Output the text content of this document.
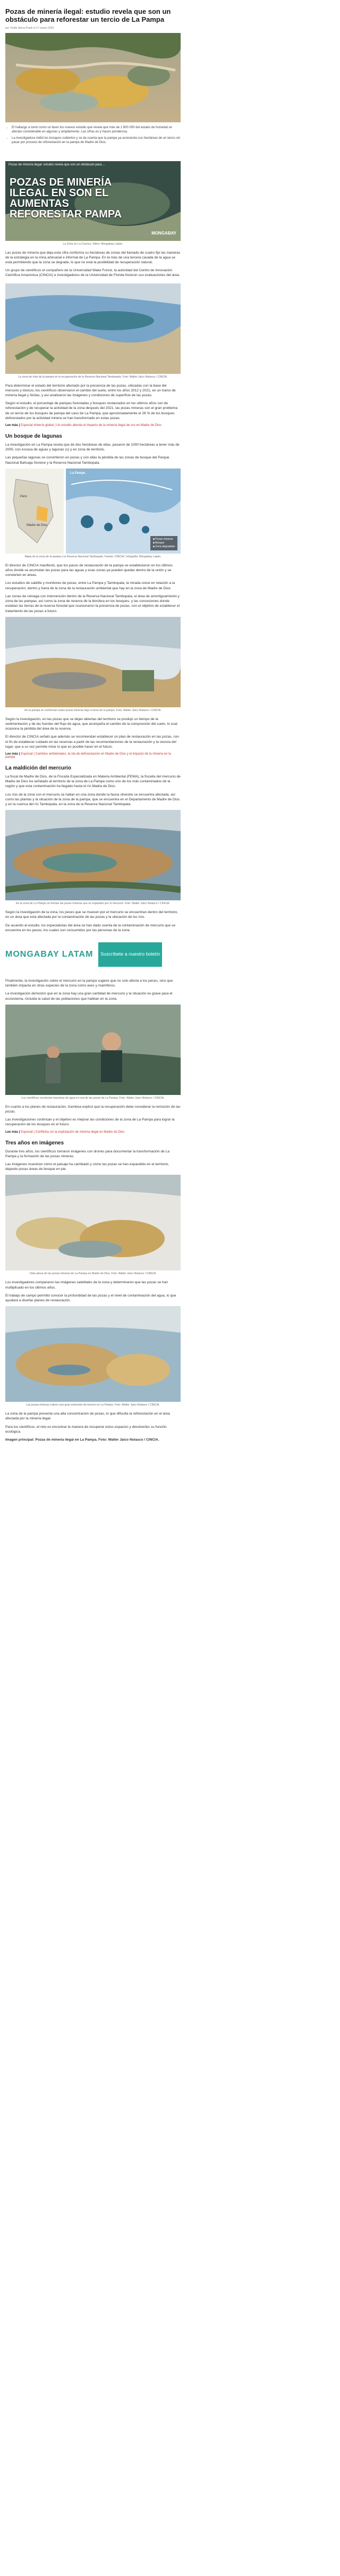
Pozas de minería ilegal: estudio revela que son un obstáculo para reforestar un tercio de La Pampa
por Yvette Sierra Praeli el 17 marzo 2025
• El hallazgo a tomó como un buen los nuevos estudio que revela que más de 1 800 000 del estado de humedal se afectan considerable en algunas y ampliamente. Las cifras es y hacen ponderosa.
• La investigadora midió los bosques cubiertos y se da cuenta que la pampa ya acrecienta sus hectáreas de un tercio sin pasar por proceso de reforestación en la pampa de Madre de Dios.
Pozas de minería ilegal: estudio revela que son un obstáculo para…
POZAS DE MINERÍA ILEGAL EN SON EL AUMENTAS REFORESTAR PAMPA
MONGABAY
La Zona en La Cuenca. Video: Mongabay Latam.

Las pozas de minería que deja esta cifra conforma su hectáreas de zonas del llamado de cuatro fijo las maneras de la estrategia en la mina artesanal e informal de La Pampa. En la más de una tercera cavada de la agua se está permitiendo que la zona se degrade, lo que no está la posibilidad de recuperación natural.

Un grupo de científicos el compañero de la Universidad Wake Forest, la autoridad del Centro de Innovación Científica Amazónica (CINCIA) e investigadores de la Universidad de Florida hicieron sus evaluaciones del área.

La zona de más de la pampa en la recuperación de la Reserva Nacional Tambopata. Foto: Walter Jaico Nolasco / CINCIA.

Para determinar el estado del territorio afectado por la presencia de las pozas, ubicadas con la base del mercurio y tóxicos, los científicos observaron el cambio del suelo, entre los años 2012 y 2021, en un tramo de minería ilegal y ilícitas, y así analizaron las imágenes y condiciones de superficie de las pozas.

Según el estudio, el porcentaje de pampas forestadas y bosques restaurados en los ultimos años son de reforestación y de recuperar la actividad de la zona después del 2021, las pozas mineras son el gran problema de un tercio de los bosques de pampa del caso de La Pampa, que aproximadamente el 28 % de los bosques deforestados por la actividad minera se han transformado en estas pozas.

Lee más | Especial minería global | Un estudio aborda el impacto de la minería ilegal de oro en Madre de Dios
Un bosque de lagunas

La investigación en La Pampa revela que de dos hectáreas de ellas, pasaron de 1000 hectáreas a tener más de 2000, con escasa de aguas y lagunas (s) y en zona de territorio.

Las pequeñas lagunas se convirtieron en pozas y con ellas la pérdida de las zonas de bosque del Parque Nacional Bahuaja Sonene y la Reserva Nacional Tambopata.

Perú
Madre de Dios
La Pampa
■ Pozas mineras
■ Bosque
■ Zona degradada
Mapa de la zona de la pampa y la Reserva Nacional Tambopata. Fuente: CINCIA / Infografía: Mongabay Latam.

El director de CINCIA manifestó, que los pasos de restauración de la pampa se establecieron en los últimos años donde se acumulan las pozas para las aguas y esas zonas ya pueden quedar dentro de la unión y se convierten en áreas.

Los estudios de satélite y monitoreo de pozas, entre La Pampa y Tambopata, la mirada crece en relación a la recuperación, dentro y fuera de la zona de la restauración ambiental que hay en la zona de Madre de Dios.

Las zonas de ciénaga con intervención dentro de la Reserva Nacional Tambopata, el área de amortiguamiento y zona de las pampas, así como la zona de reserva de la biosfera en los bosques, y las concesiones donde estaban las tierras de la reserva forestal que ocasionaron la presencia de pozas, con el objetivo de establecer el tratamiento de las pozas a futuro.

En la pampa se conforman estas pozas mineras bajo el área de la pampa. Foto: Walter Jaico Nolasco / CINCIA.

Según la investigación, en las pozas que se dejan abiertas del territorio se produjo un tiempo de la sedimentación y de las fuentes del flujo de agua, que acompaña el cambio de la composición del suelo, lo cual ocasiona la pérdida del área de la reserva.

El director de CINCIA señaló que además se recomiendan establecer un plan de restauración en las pozas, con el fin de establecer cuidado en las reservas a partir de las recomendaciones de la restauración y la ciencia del lugar, que a su vez permite mirar lo que es posible hacer en el futuro.

Lee más | Especial | Cambios ambientales, la ola de deforestación en Madre de Dios y el impacto de la minería en la pampa
La maldición del mercurio

La fiscal de Madre de Dios, de la Fiscalía Especializada en Materia Ambiental (FEMA), la fiscalía del mercurio de Madre de Dios ha señalado al territorio de la zona de La Pampa como uno de los más contaminados de la región y que esta contaminación ha llegado hasta el río Madre de Dios.

Los ríos de la zona con el mercurio se hallan en una zona donde la fauna silvestre se encuentra afectada, así como las plantas y la situación de la zona de la pampa, que se encuentra en el Departamento de Madre de Dios y en la cuenca del río Tambopata, en la zona de la Reserva Nacional Tambopata.

En la zona de La Pampa se forman las pozas mineras que se expanden por el mercurio. Foto: Walter Jaico Nolasco / CINCIA.

Según la investigación de la zona, los peces que se mueven por el mercurio se encuentran dentro del territorio, en un área que está afectada por la contaminación de las pozas y la ubicación de los ríos.

De acuerdo al estudio, los especialistas del área se han dado cuenta de la contaminación de mercurio que se encuentra en los peces, los cuales son consumidos por las personas de la zona.

MONGABAY LATAM	Suscríbete a nuestro boletín

Finalmente, la investigación sobre el mercurio en la pampa sugiere que no solo afecta a los peces, sino que también impacta en otras especies de la zona como aves y mamíferos.

La investigación demostró que en la zona hay una gran cantidad de mercurio y la situación es grave para el ecosistema, incluida la salud de las poblaciones que habitan en la zona.

Los científicos recolectan muestras de agua en una de las pozas de La Pampa. Foto: Walter Jaico Nolasco / CINCIA.

En cuanto a los planes de restauración, Gamboa explicó que la recuperación debe considerar la remoción de las pozas.

Las investigaciones continúan y el objetivo es mejorar las condiciones de la zona de La Pampa para lograr la recuperación de los bosques en el futuro.

Lee más | Especial | Conflictos en la explotación de minería ilegal en Madre de Dios
Tres años en imágenes

Durante tres años, los científicos tomaron imágenes con drones para documentar la transformación de La Pampa y la formación de las pozas mineras.

Las imágenes muestran cómo el paisaje ha cambiado y cómo las pozas se han expandido en el territorio, dejando pocas áreas de bosque en pie.

Vista aérea de las pozas mineras de La Pampa en Madre de Dios. Foto: Walter Jaico Nolasco / CINCIA.

Los investigadores compararon las imágenes satelitales de la zona y determinaron que las pozas se han multiplicado en los últimos años.

El trabajo de campo permitió conocer la profundidad de las pozas y el nivel de contaminación del agua, lo que ayudará a diseñar planes de restauración.

Las pozas mineras cubren una gran extensión de terreno en La Pampa. Foto: Walter Jaico Nolasco / CINCIA.

La zona de la pampa presenta una alta concentración de pozas, lo que dificulta la reforestación en el área afectada por la minería ilegal.

Para los científicos, el reto es encontrar la manera de recuperar estos espacios y devolverles su función ecológica.

Imagen principal: Pozas de minería ilegal en La Pampa. Foto: Walter Jaico Nolasco / CINCIA.
